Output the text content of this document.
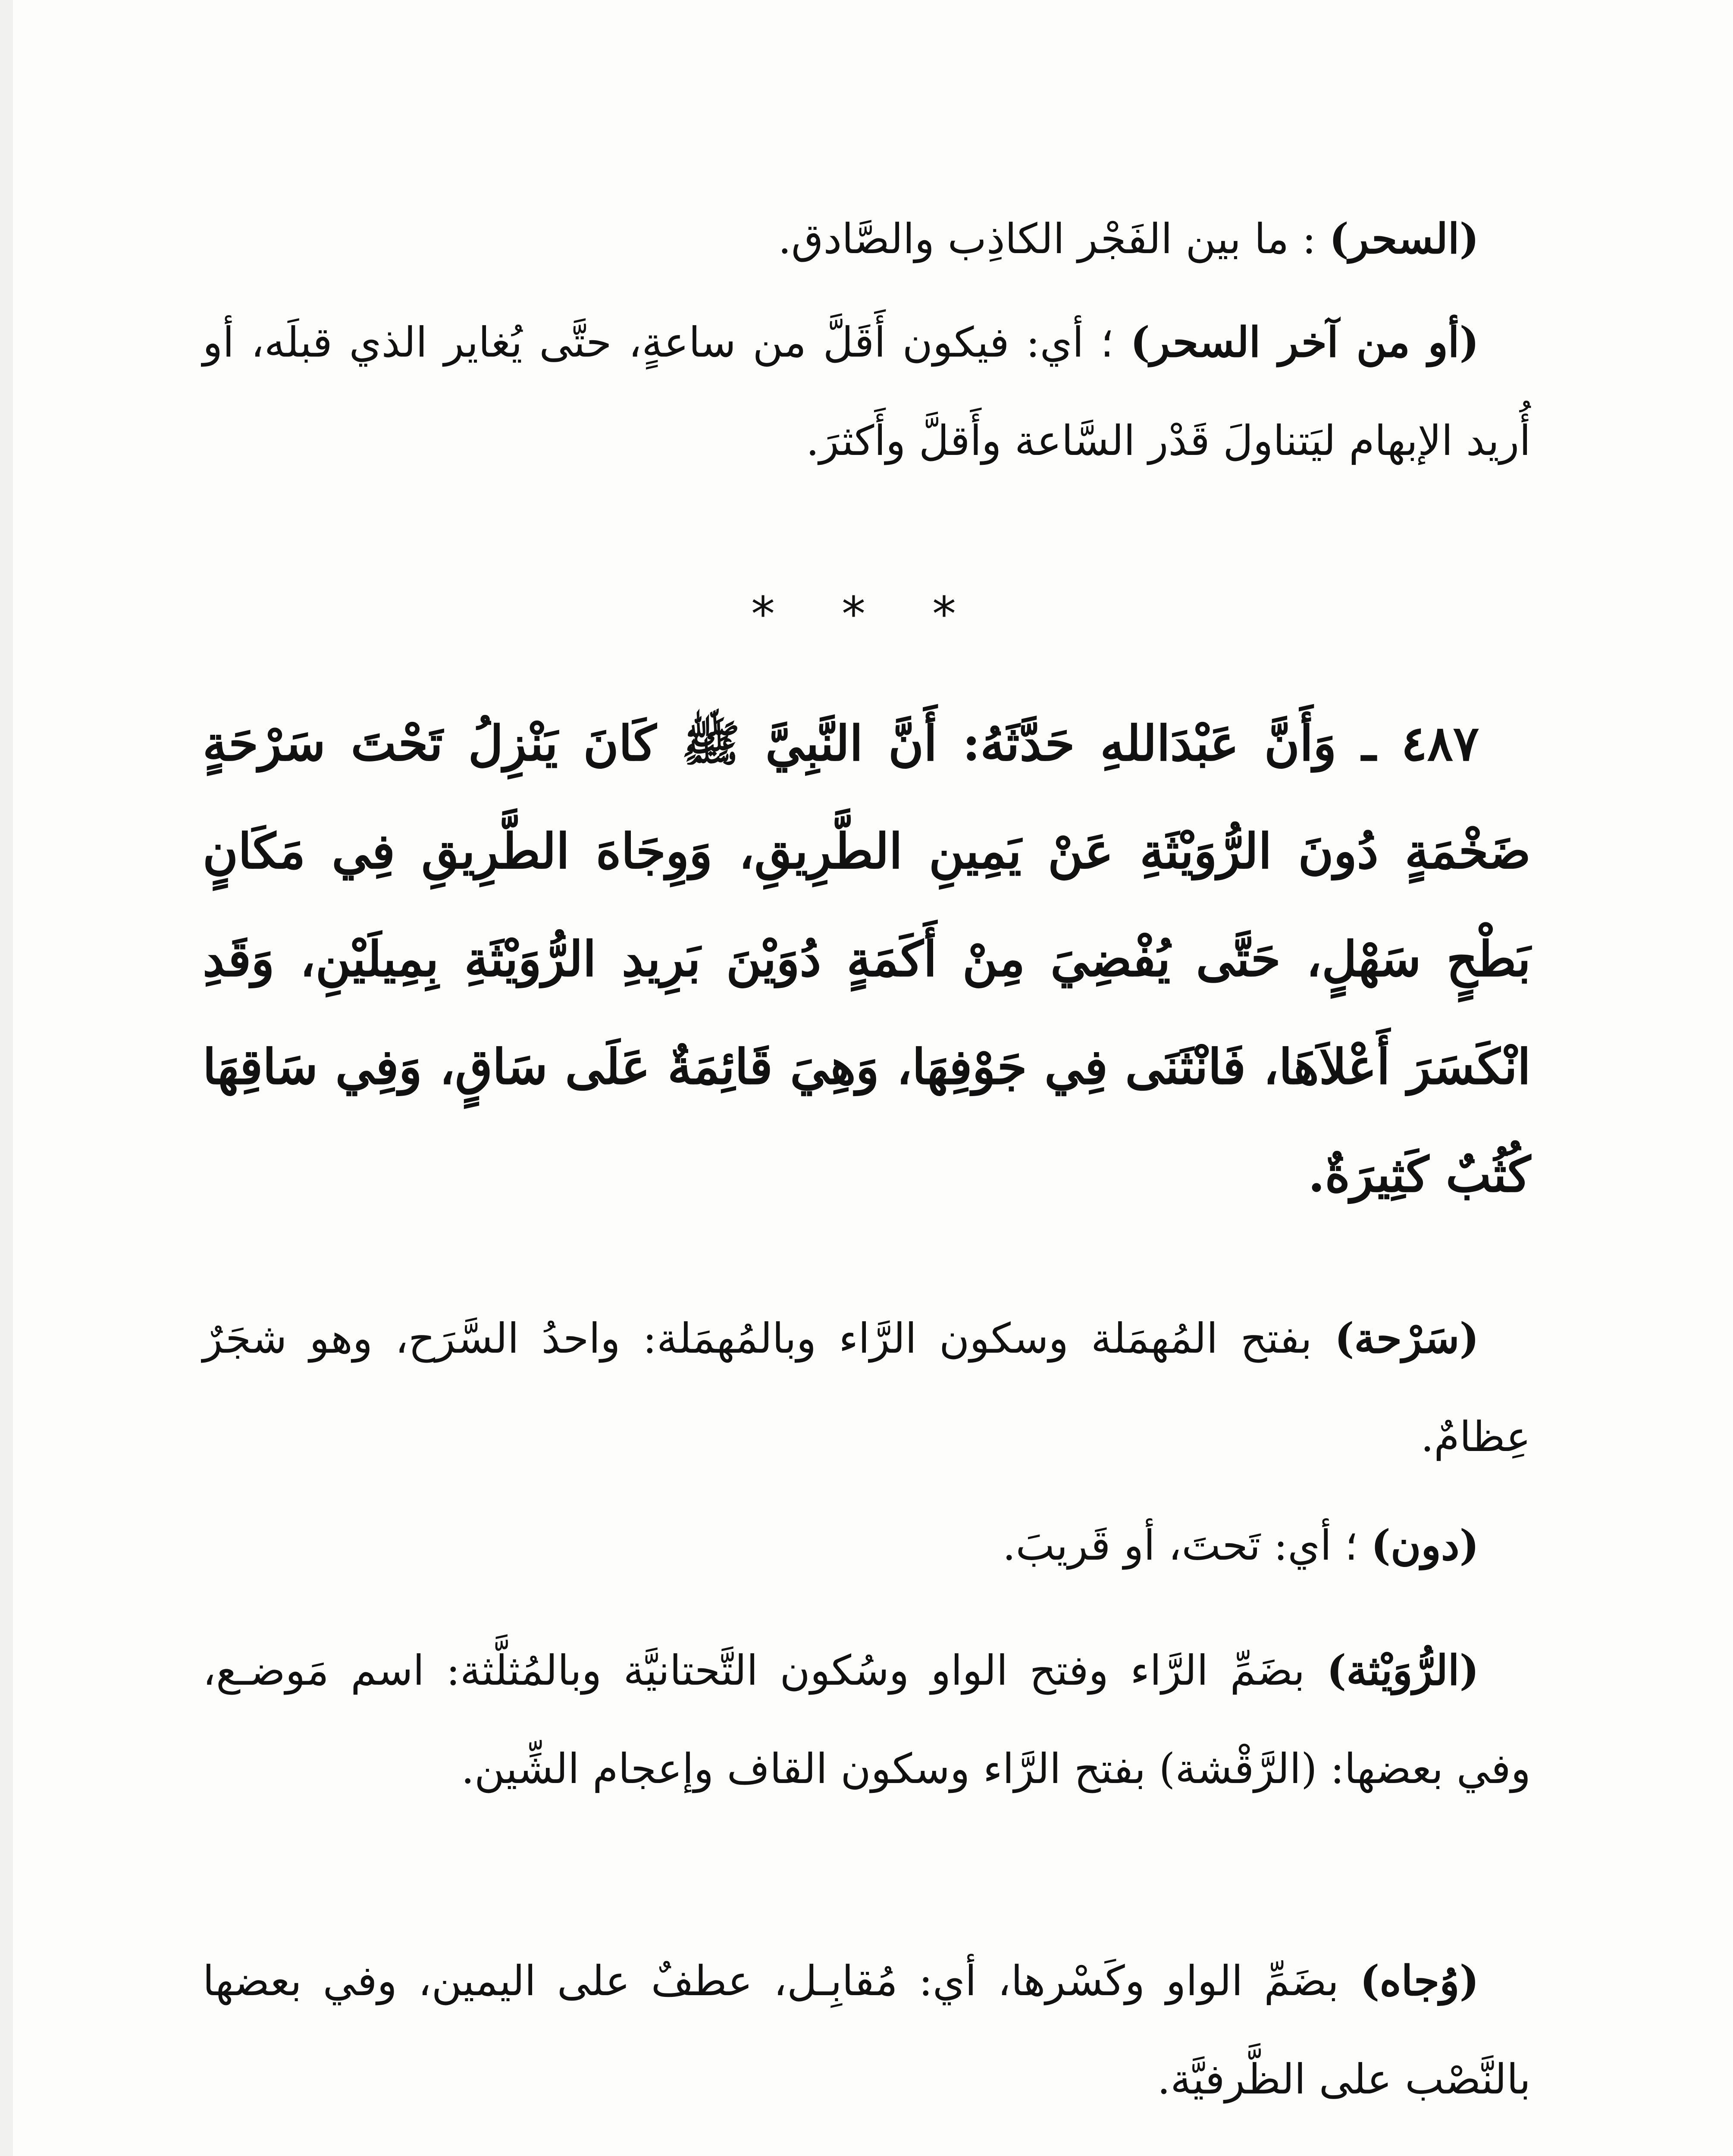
(السحر) : ما بين الفَجْر الكاذِب والصَّادق.

(أو من آخر السحر) ؛ أي: فيكون أَقَلَّ من ساعةٍ، حتَّى يُغاير الذي قبلَه، أو أُريد الإبهام ليَتناولَ قَدْر السَّاعة وأَقلَّ وأَكثرَ.

٤٨٧ ـ وَأَنَّ عَبْدَاللهِ حَدَّثَهُ: أَنَّ النَّبِيَّ ﷺ كَانَ يَنْزِلُ تَحْتَ سَرْحَةٍ ضَخْمَةٍ دُونَ الرُّوَيْثَةِ عَنْ يَمِينِ الطَّرِيقِ، وَوِجَاهَ الطَّرِيقِ فِي مَكَانٍ بَطْحٍ سَهْلٍ، حَتَّى يُفْضِيَ مِنْ أَكَمَةٍ دُوَيْنَ بَرِيدِ الرُّوَيْثَةِ بِمِيلَيْنِ، وَقَدِ انْكَسَرَ أَعْلاَهَا، فَانْثَنَى فِي جَوْفِهَا، وَهِيَ قَائِمَةٌ عَلَى سَاقٍ، وَفِي سَاقِهَا كُثُبٌ كَثِيرَةٌ.

(سَرْحة) بفتح المُهمَلة وسكون الرَّاء وبالمُهمَلة: واحدُ السَّرَح، وهو شجَرٌ عِظامٌ.

(دون) ؛ أي: تَحتَ، أو قَريبَ.

(الرُّوَيْثة) بضَمِّ الرَّاء وفتح الواو وسُكون التَّحتانيَّة وبالمُثلَّثة: اسم مَوضـع، وفي بعضها: (الرَّقْشة) بفتح الرَّاء وسكون القاف وإعجام الشِّين.

(وُجاه) بضَمِّ الواو وكَسْرها، أي: مُقابِـل، عطفٌ على اليمين، وفي بعضها بالنَّصْب على الظَّرفيَّة.

* * *
